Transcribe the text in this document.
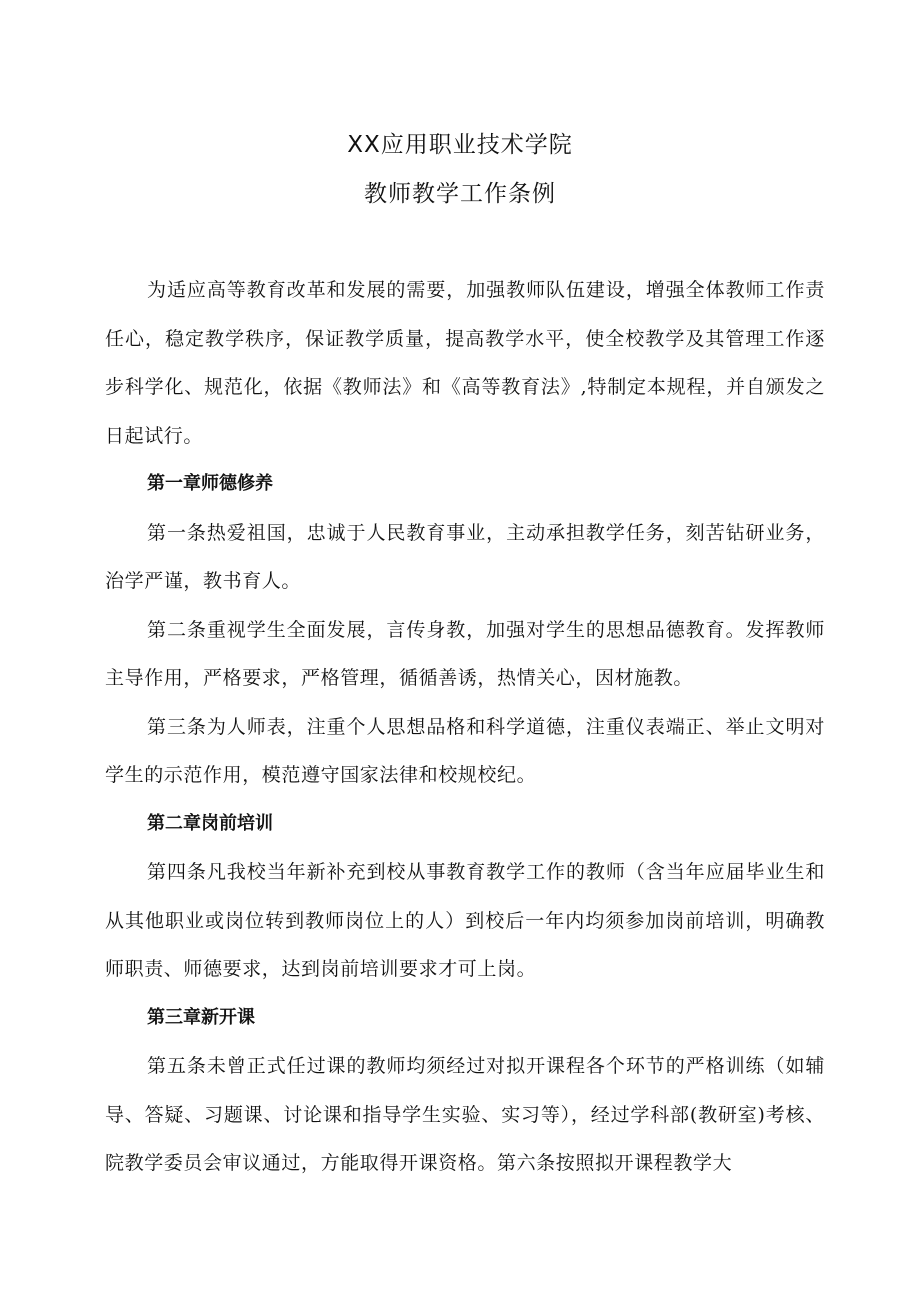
XX应用职业技术学院
教师教学工作条例

为适应高等教育改革和发展的需要，加强教师队伍建设，增强全体教师工作责任心，稳定教学秩序，保证教学质量，提高教学水平，使全校教学及其管理工作逐步科学化、规范化，依据《教师法》和《高等教育法》,特制定本规程，并自颁发之日起试行。

第一章师德修养

第一条热爱祖国，忠诚于人民教育事业，主动承担教学任务，刻苦钻研业务，治学严谨，教书育人。

第二条重视学生全面发展，言传身教，加强对学生的思想品德教育。发挥教师主导作用，严格要求，严格管理，循循善诱，热情关心，因材施教。

第三条为人师表，注重个人思想品格和科学道德，注重仪表端正、举止文明对学生的示范作用，模范遵守国家法律和校规校纪。

第二章岗前培训

第四条凡我校当年新补充到校从事教育教学工作的教师（含当年应届毕业生和从其他职业或岗位转到教师岗位上的人）到校后一年内均须参加岗前培训，明确教师职责、师德要求，达到岗前培训要求才可上岗。

第三章新开课

第五条未曾正式任过课的教师均须经过对拟开课程各个环节的严格训练（如辅导、答疑、习题课、讨论课和指导学生实验、实习等），经过学科部(教研室)考核、院教学委员会审议通过，方能取得开课资格。第六条按照拟开课程教学大
